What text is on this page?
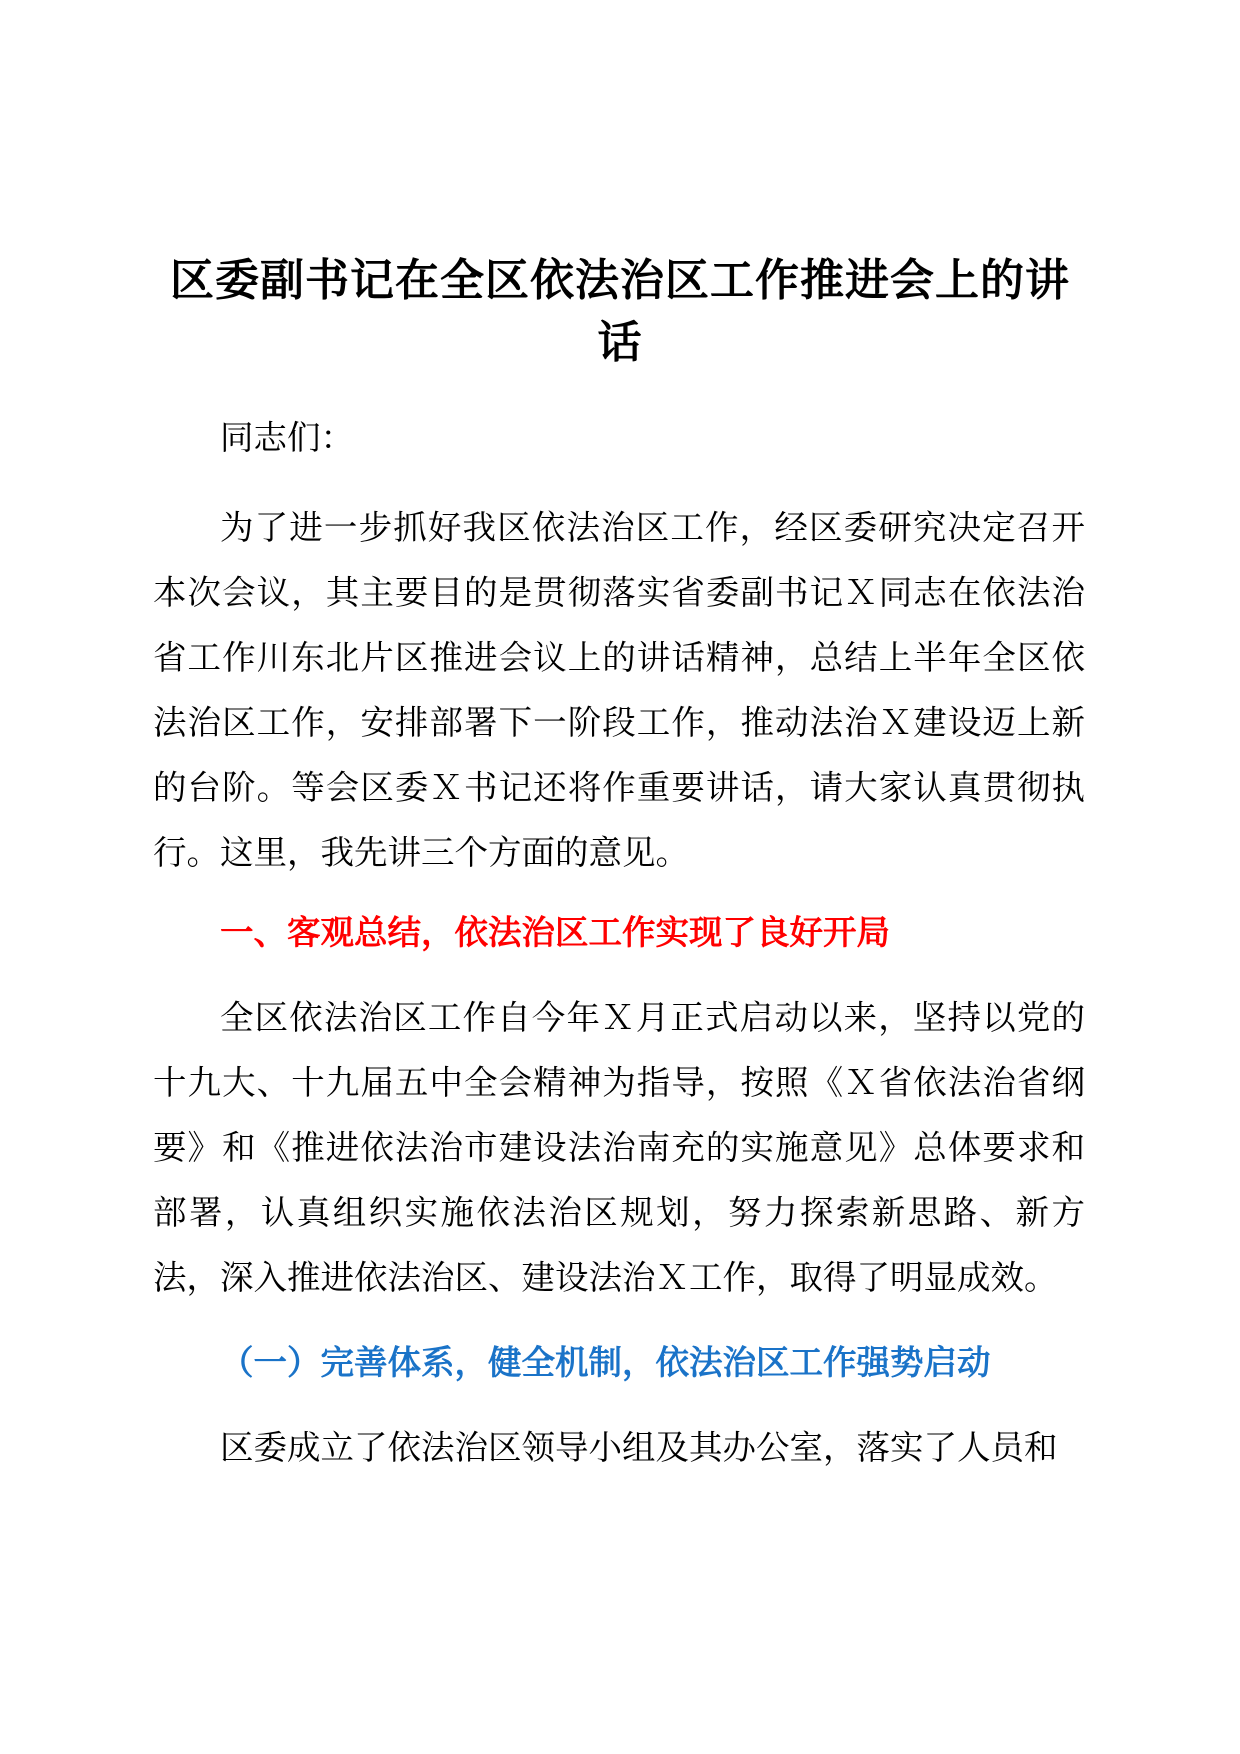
区委副书记在全区依法治区工作推进会上的讲话

同志们：

为了进一步抓好我区依法治区工作，经区委研究决定召开本次会议，其主要目的是贯彻落实省委副书记Ｘ同志在依法治省工作川东北片区推进会议上的讲话精神，总结上半年全区依法治区工作，安排部署下一阶段工作，推动法治Ｘ建设迈上新的台阶。等会区委Ｘ书记还将作重要讲话，请大家认真贯彻执行。这里，我先讲三个方面的意见。

一、客观总结，依法治区工作实现了良好开局

全区依法治区工作自今年Ｘ月正式启动以来，坚持以党的十九大、十九届五中全会精神为指导，按照《Ｘ省依法治省纲要》和《推进依法治市建设法治南充的实施意见》总体要求和部署，认真组织实施依法治区规划，努力探索新思路、新方法，深入推进依法治区、建设法治Ｘ工作，取得了明显成效。

（一）完善体系，健全机制，依法治区工作强势启动

区委成立了依法治区领导小组及其办公室，落实了人员和
